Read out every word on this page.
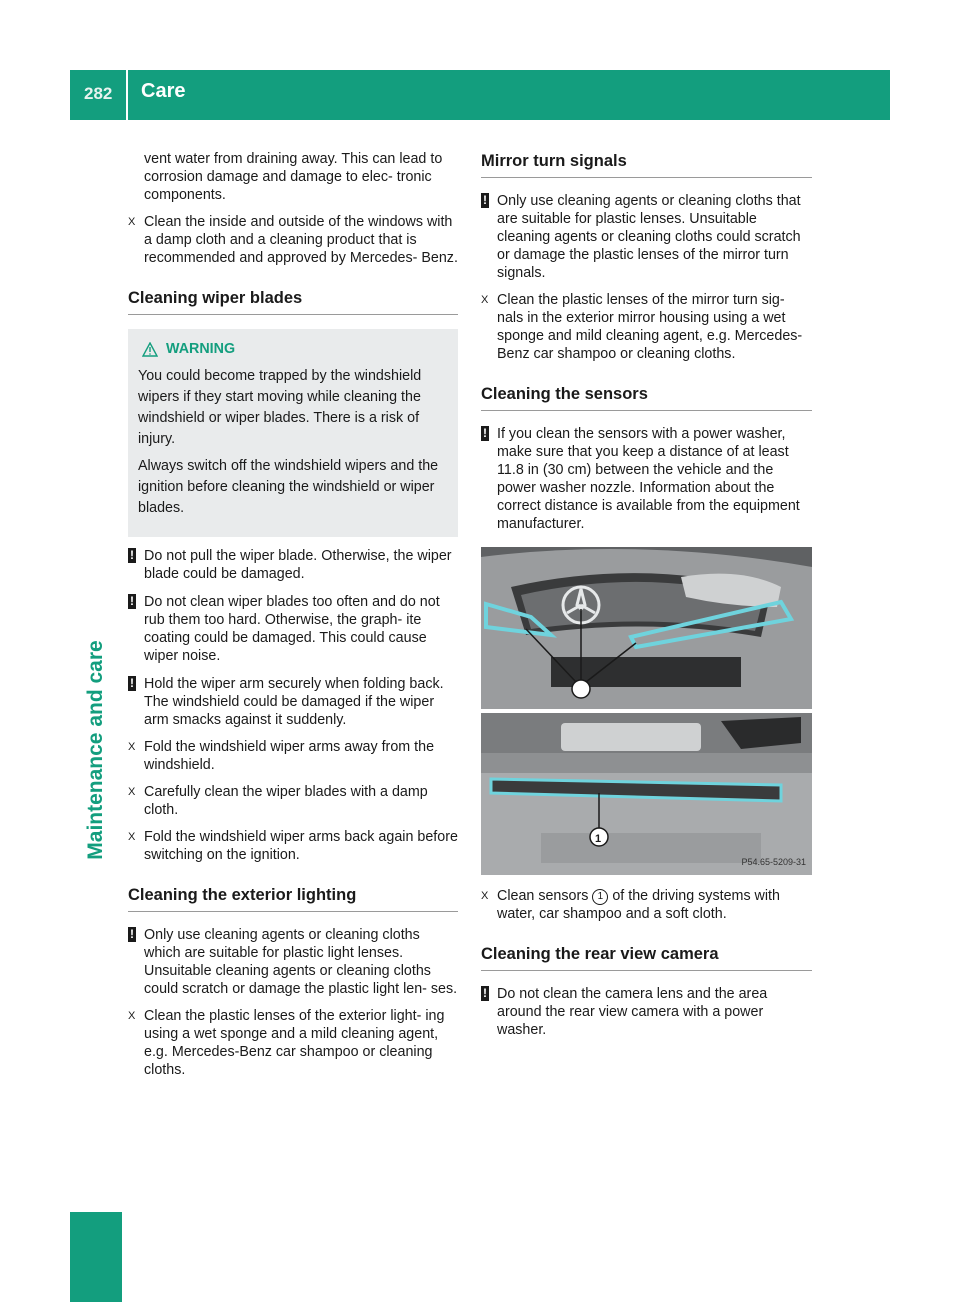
282 Care
Maintenance and care

vent water from draining away. This can lead to corrosion damage and damage to elec- tronic components.

X Clean the inside and outside of the windows with a damp cloth and a cleaning product that is recommended and approved by Mercedes- Benz.
Cleaning wiper blades
WARNING

You could become trapped by the windshield wipers if they start moving while cleaning the windshield or wiper blades. There is a risk of injury.

Always switch off the windshield wipers and the ignition before cleaning the windshield or wiper blades.

! Do not pull the wiper blade. Otherwise, the wiper blade could be damaged.
! Do not clean wiper blades too often and do not rub them too hard. Otherwise, the graph- ite coating could be damaged. This could cause wiper noise.
! Hold the wiper arm securely when folding back. The windshield could be damaged if the wiper arm smacks against it suddenly.
X Fold the windshield wiper arms away from the windshield.
X Carefully clean the wiper blades with a damp cloth.
X Fold the windshield wiper arms back again before switching on the ignition.
Cleaning the exterior lighting
! Only use cleaning agents or cleaning cloths which are suitable for plastic light lenses. Unsuitable cleaning agents or cleaning cloths could scratch or damage the plastic light len- ses.
X Clean the plastic lenses of the exterior light- ing using a wet sponge and a mild cleaning agent, e.g. Mercedes-Benz car shampoo or cleaning cloths.
Mirror turn signals
! Only use cleaning agents or cleaning cloths that are suitable for plastic lenses. Unsuitable cleaning agents or cleaning cloths could scratch or damage the plastic lenses of the mirror turn signals.
X Clean the plastic lenses of the mirror turn sig- nals in the exterior mirror housing using a wet sponge and mild cleaning agent, e.g. Mercedes-Benz car shampoo or cleaning cloths.
Cleaning the sensors
! If you clean the sensors with a power washer, make sure that you keep a distance of at least 11.8 in (30 cm) between the vehicle and the power washer nozzle. Information about the correct distance is available from the equipment manufacturer.
1
P54.65-5209-31
X Clean sensors 1 of the driving systems with water, car shampoo and a soft cloth.
Cleaning the rear view camera
! Do not clean the camera lens and the area around the rear view camera with a power washer.
